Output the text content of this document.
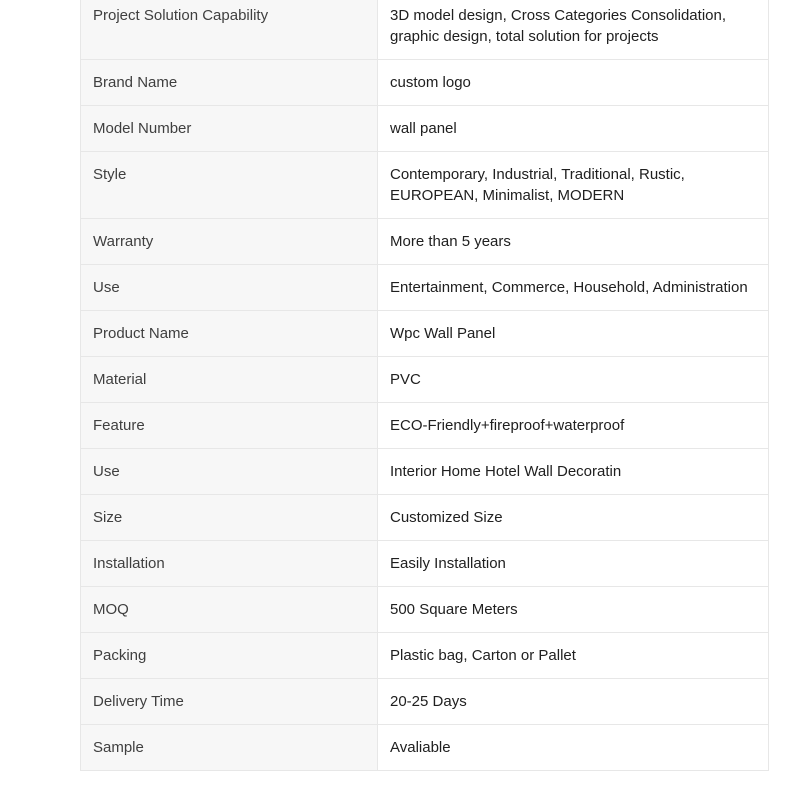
Project Solution Capability	3D model design, Cross Categories Consolidation, graphic design, total solution for projects

Brand Name	custom logo

Model Number	wall panel

Style	Contemporary, Industrial, Traditional, Rustic, EUROPEAN, Minimalist, MODERN

Warranty	More than 5 years

Use	Entertainment, Commerce, Household, Administration

Product Name	Wpc Wall Panel

Material	PVC

Feature	ECO-Friendly+fireproof+waterproof

Use	Interior Home Hotel Wall Decoratin

Size	Customized Size

Installation	Easily Installation

MOQ	500 Square Meters

Packing	Plastic bag, Carton or Pallet

Delivery Time	20-25 Days

Sample	Avaliable
